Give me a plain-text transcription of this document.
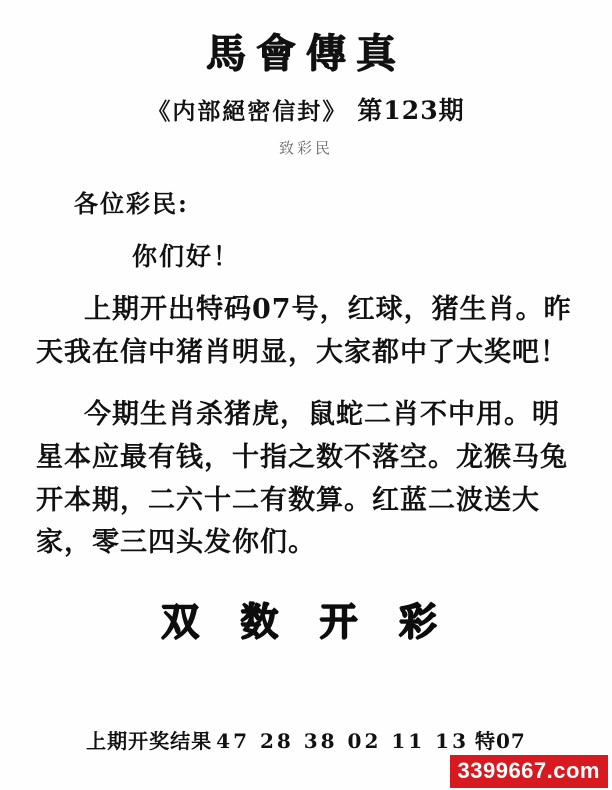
馬會傳真
《内部絕密信封》 第123期
致彩民
各位彩民:
你们好！
上期开出特码07号，红球，猪生肖。昨天我在信中猪肖明显，大家都中了大奖吧！
今期生肖杀猪虎，鼠蛇二肖不中用。明星本应最有钱，十指之数不落空。龙猴马兔开本期，二六十二有数算。红蓝二波送大家，零三四头发你们。
双 数 开 彩
上期开奖结果 47 28 38 02 11 13 特07
3399667.com
